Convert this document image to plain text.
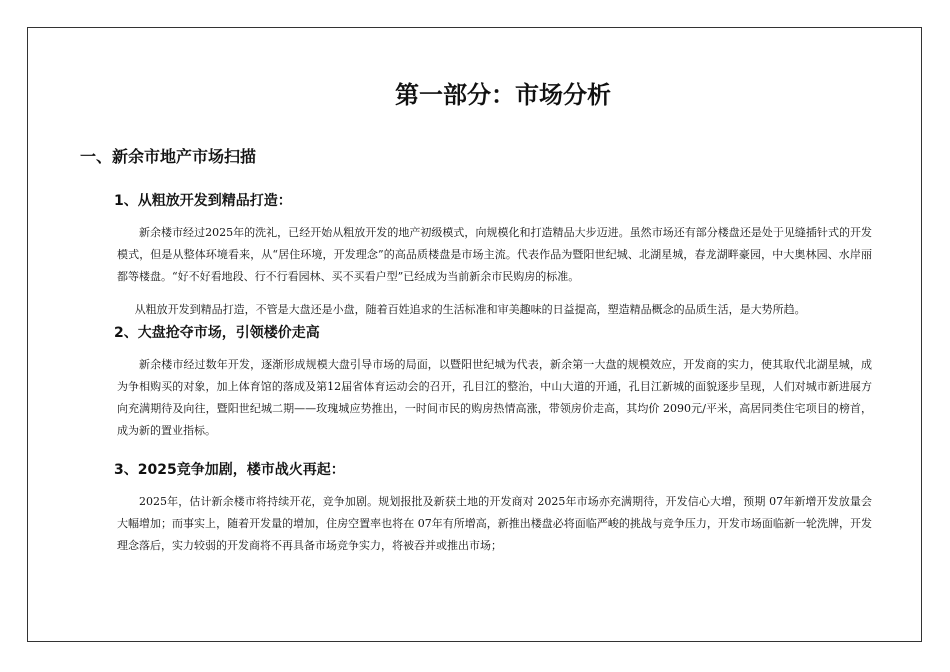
第一部分：市场分析
一、新余市地产市场扫描
1、从粗放开发到精品打造：

新余楼市经过2025年的洗礼，已经开始从粗放开发的地产初级模式，向规模化和打造精品大步迈进。虽然市场还有部分楼盘还是处于见缝插针式的开发模式，但是从整体环境看来，从“居住环境，开发理念”的高品质楼盘是市场主流。代表作品为暨阳世纪城、北湖星城，春龙湖畔豪园，中大奥林园、水岸丽都等楼盘。“好不好看地段、行不行看园林、买不买看户型”已经成为当前新余市民购房的标准。

从粗放开发到精品打造，不管是大盘还是小盘，随着百姓追求的生活标准和审美趣味的日益提高，塑造精品概念的品质生活，是大势所趋。

2、大盘抢夺市场，引领楼价走高

新余楼市经过数年开发，逐渐形成规模大盘引导市场的局面，以暨阳世纪城为代表，新余第一大盘的规模效应，开发商的实力，使其取代北湖星城，成为争相购买的对象，加上体育馆的落成及第12届省体育运动会的召开，孔目江的整治，中山大道的开通，孔目江新城的面貌逐步呈现，人们对城市新进展方向充满期待及向往，暨阳世纪城二期——玫瑰城应势推出，一时间市民的购房热情高涨，带领房价走高，其均价 2090元/平米，高居同类住宅项目的榜首，成为新的置业指标。

3、2025竞争加剧，楼市战火再起：

2025年，估计新余楼市将持续开花，竞争加剧。规划报批及新获土地的开发商对 2025年市场亦充满期待，开发信心大增，预期 07年新增开发放量会大幅增加；而事实上，随着开发量的增加，住房空置率也将在 07年有所增高，新推出楼盘必将面临严峻的挑战与竞争压力，开发市场面临新一轮洗牌，开发理念落后，实力较弱的开发商将不再具备市场竞争实力，将被吞并或推出市场；
